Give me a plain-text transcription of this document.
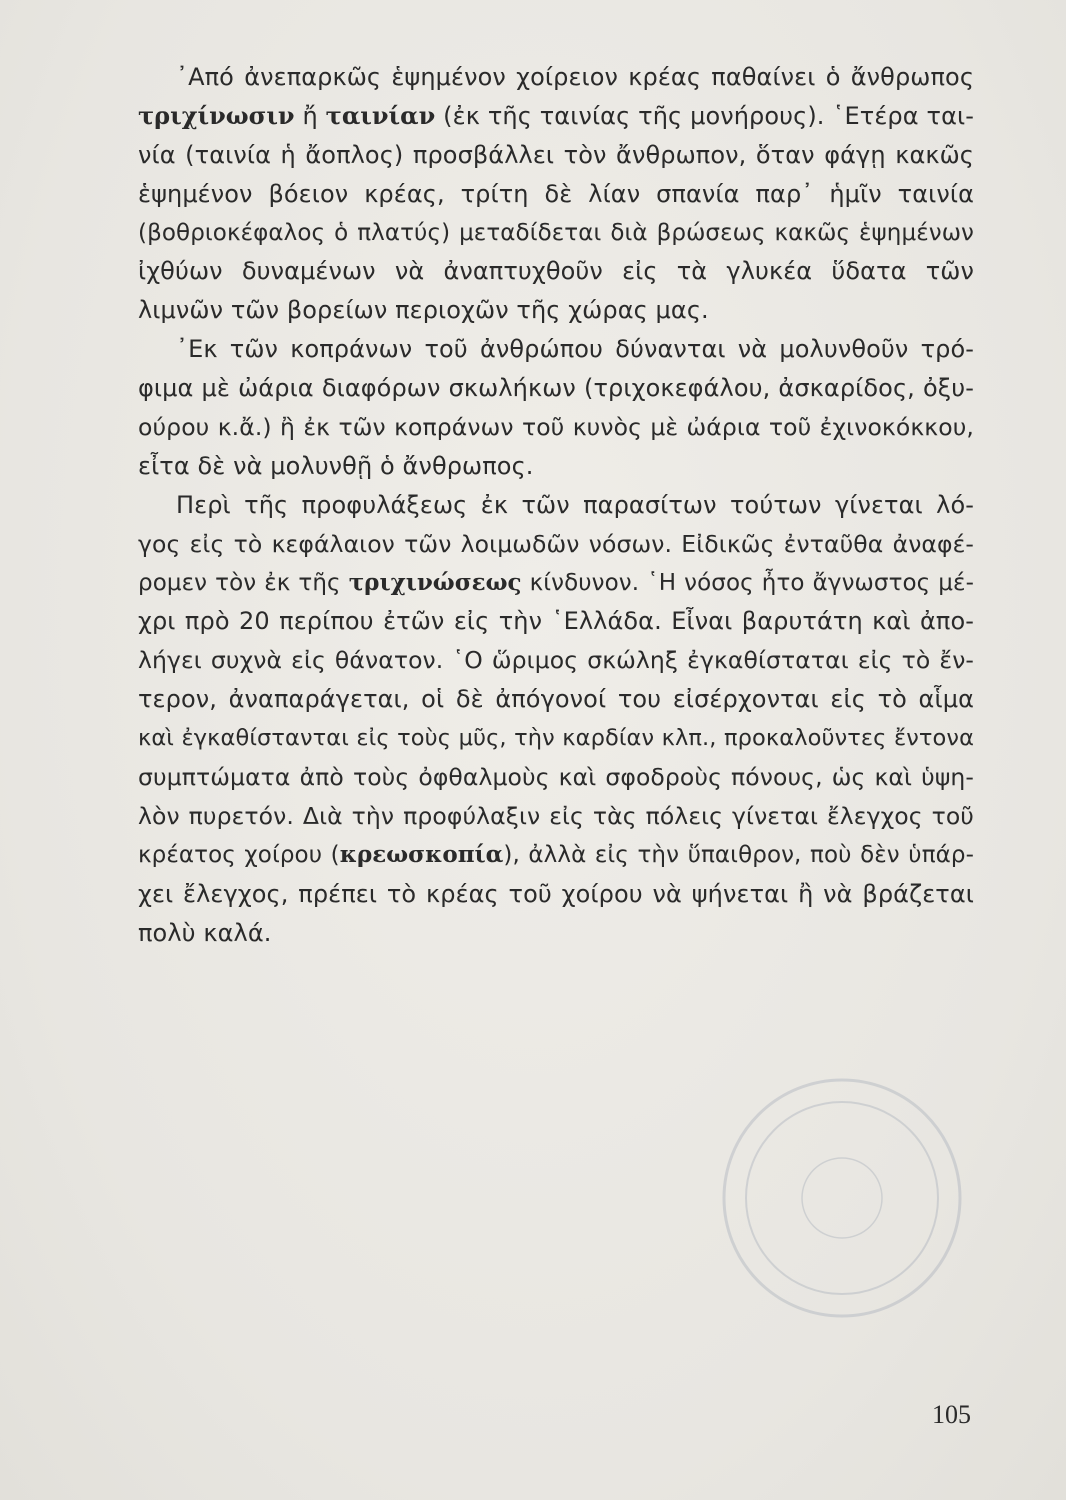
᾿Από ἀνεπαρκῶς ἑψημένον χοίρειον κρέας παθαίνει ὁ ἄνθρωπος
τριχίνωσιν ἤ ταινίαν (ἐκ τῆς ταινίας τῆς μονήρους). ῾Ετέρα ται-
νία (ταινία ἡ ἄοπλος) προσβάλλει τὸν ἄνθρωπον, ὅταν φάγῃ κακῶς
ἑψημένον βόειον κρέας, τρίτη δὲ λίαν σπανία παρ᾿ ἡμῖν ταινία
(βοθριοκέφαλος ὁ πλατύς) μεταδίδεται διὰ βρώσεως κακῶς ἑψημένων
ἰχθύων δυναμένων νὰ ἀναπτυχθοῦν εἰς τὰ γλυκέα ὕδατα τῶν
λιμνῶν τῶν βορείων περιοχῶν τῆς χώρας μας.
᾿Εκ τῶν κοπράνων τοῦ ἀνθρώπου δύνανται νὰ μολυνθοῦν τρό-
φιμα μὲ ὠάρια διαφόρων σκωλήκων (τριχοκεφάλου, ἀσκαρίδος, ὀξυ-
ούρου κ.ἄ.) ἢ ἐκ τῶν κοπράνων τοῦ κυνὸς μὲ ὠάρια τοῦ ἐχινοκόκκου,
εἶτα δὲ νὰ μολυνθῇ ὁ ἄνθρωπος.
Περὶ τῆς προφυλάξεως ἐκ τῶν παρασίτων τούτων γίνεται λό-
γος εἰς τὸ κεφάλαιον τῶν λοιμωδῶν νόσων. Εἰδικῶς ἐνταῦθα ἀναφέ-
ρομεν τὸν ἐκ τῆς τριχινώσεως κίνδυνον. ῾Η νόσος ἦτο ἄγνωστος μέ-
χρι πρὸ 20 περίπου ἐτῶν εἰς τὴν ῾Ελλάδα. Εἶναι βαρυτάτη καὶ ἀπο-
λήγει συχνὰ εἰς θάνατον. ῾Ο ὥριμος σκώληξ ἐγκαθίσταται εἰς τὸ ἔν-
τερον, ἀναπαράγεται, οἱ δὲ ἀπόγονοί του εἰσέρχονται εἰς τὸ αἷμα
καὶ ἐγκαθίστανται εἰς τοὺς μῦς, τὴν καρδίαν κλπ., προκαλοῦντες ἔντονα
συμπτώματα ἀπὸ τοὺς ὀφθαλμοὺς καὶ σφοδροὺς πόνους, ὡς καὶ ὑψη-
λὸν πυρετόν. Διὰ τὴν προφύλαξιν εἰς τὰς πόλεις γίνεται ἔλεγχος τοῦ
κρέατος χοίρου (κρεωσκοπία), ἀλλὰ εἰς τὴν ὕπαιθρον, ποὺ δὲν ὑπάρ-
χει ἔλεγχος, πρέπει τὸ κρέας τοῦ χοίρου νὰ ψήνεται ἢ νὰ βράζεται
πολὺ καλά.
105
